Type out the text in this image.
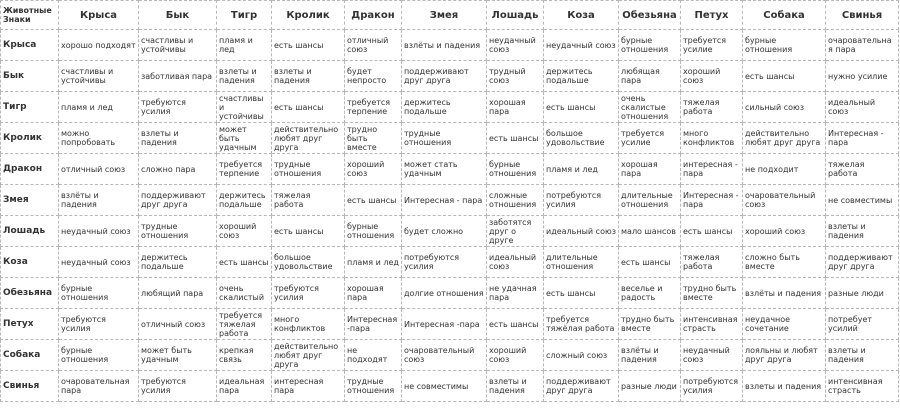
Животные Знаки	Крыса	Бык	Тигр	Кролик	Дракон	Змея	Лошадь	Коза	Обезьяна	Петух	Собака	Свинья
Крыса	хорошо подходят	счастливы и устойчивы	пламя и лед	есть шансы	отличный союз	взлёты и падения	неудачный союз	неудачный союз	бурные отношения	требуется усилие	бурные отношения	очаровательная пара
Бык	счастливы и устойчивы	заботливая пара	взлеты и падения	взлеты и падения	будет непросто	поддерживают друг друга	трудный союз	держитесь подальше	любящая пара	хороший союз	есть шансы	нужно усилие
Тигр	пламя и лед	требуются усилия	счастливы и устойчивы	есть шансы	требуется терпение	держитесь подальше	хорошая пара	есть шансы	очень скалистые отношения	тяжелая работа	сильный союз	идеальный союз
Кролик	можно попробовать	взлеты и падения	может быть удачным	действительно любят друг друга	трудно быть вместе	трудные отношения	есть шансы	большое удовольствие	требуется усилие	много конфликтов	действительно любят друг друга	Интересная - пара
Дракон	отличный союз	сложно пара	требуется терпение	трудные отношения	хороший союз	может стать удачным	бурные отношения	пламя и лед	хорошая пара	интересная - пара	не подходит	тяжелая работа
Змея	взлёты и падения	поддерживают друг друга	держитесь подальше	тяжелая работа	есть шансы	Интересная - пара	сложные отношения	потребуются усилия	длительные отношения	Интересная - пара	очаровательный союз	не совместимы
Лошадь	неудачный союз	трудные отношения	хороший союз	есть шансы	бурные отношения	будет сложно	заботятся друг о друге	идеальный союз	мало шансов	есть шансы	хороший союз	взлеты и падения
Коза	неудачный союз	держитесь подальше	есть шансы	большое удовольствие	пламя и лед	потребуются усилия	идеальный союз	длительные отношения	есть шансы	тяжелая работа	сложно быть вместе	поддерживают друг друга
Обезьяна	бурные отношения	любящий пара	очень скалистый	требуются усилия	хорошая пара	долгие отношения	не удачная пара	есть шансы	веселье и радость	трудно быть вместе	взлёты и падения	разные люди
Петух	требуются усилия	отличный союз	требуется тяжелая работа	много конфликтов	Интересная -пара	Интересная -пара	есть шансы	требуется тяжёлая работа	трудно быть вместе	интенсивная страсть	неудачное сочетание	потребует усилий
Собака	бурные отношения	может быть удачным	крепкая связь	действительно любят друг друга	не подходят	очаровательный союз	хороший союз	сложный союз	взлёты и падения	неудачный союз	лояльны и любят друг друга	взлеты и падения
Свинья	очаровательная пара	требуются усилия	идеальная пара	интересная пара	трудные отношения	не совместимы	взлеты и падения	поддерживают друг друга	разные люди	потребуются усилия	взлеты и падения	интенсивная страсть
